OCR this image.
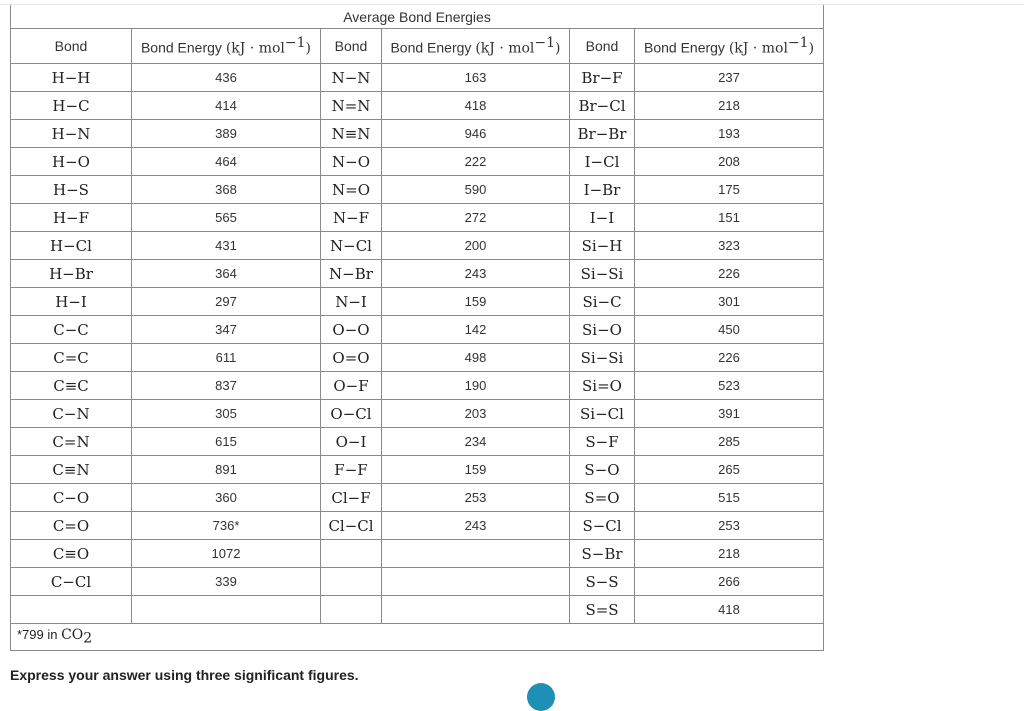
Average Bond Energies					
Bond	Bond Energy (kJ · mol$^{-1}$)	Bond	Bond Energy (kJ · mol$^{-1}$)	Bond	Bond Energy (kJ · mol$^{-1}$)
H−H	436	N−N	163	Br−F	237
H−C	414	N=N	418	Br−Cl	218
H−N	389	N≡N	946	Br−Br	193
H−O	464	N−O	222	I−Cl	208
H−S	368	N=O	590	I−Br	175
H−F	565	N−F	272	I−I	151
H−Cl	431	N−Cl	200	Si−H	323
H−Br	364	N−Br	243	Si−Si	226
H−I	297	N−I	159	Si−C	301
C−C	347	O−O	142	Si−O	450
C=C	611	O=O	498	Si−Si	226
C≡C	837	O−F	190	Si=O	523
C−N	305	O−Cl	203	Si−Cl	391
C=N	615	O−I	234	S−F	285
C≡N	891	F−F	159	S−O	265
C−O	360	Cl−F	253	S=O	515
C=O	736*	Cl−Cl	243	S−Cl	253
C≡O	1072			S−Br	218
C−Cl	339			S−S	266
				S=S	418
*799 in $CO_2$
Express your answer using three significant figures.
